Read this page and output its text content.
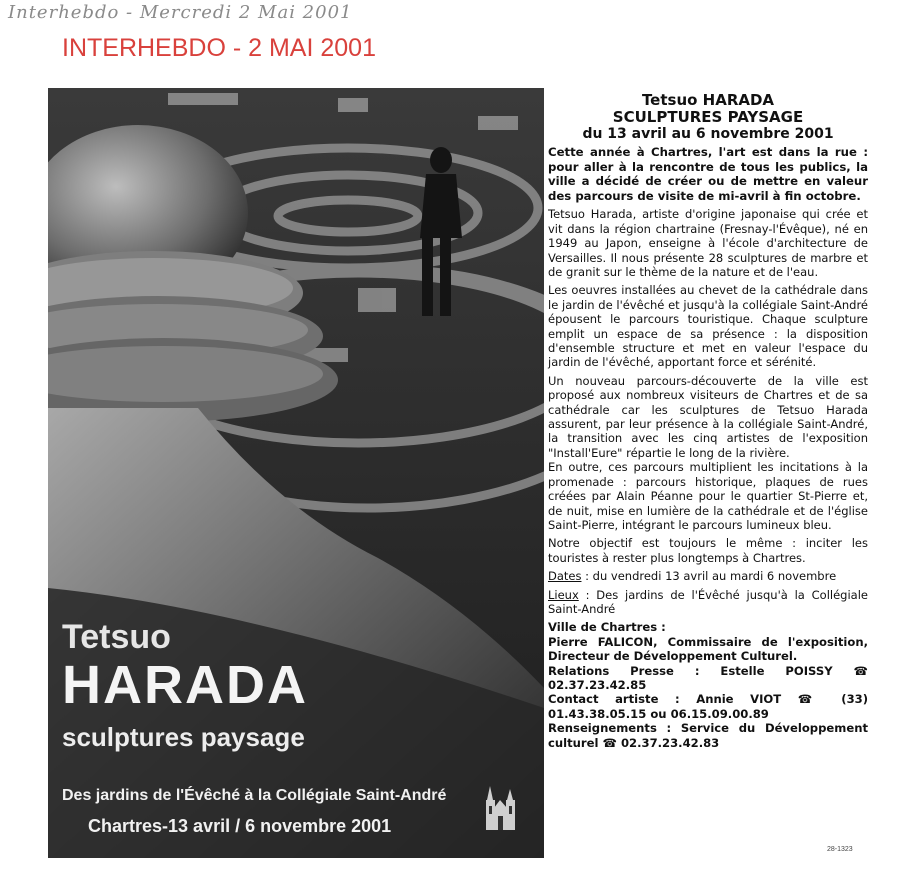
Interhebdo - Mercredi 2 Mai 2001
INTERHEBDO - 2 MAI 2001
Tetsuo
HARADA
sculptures paysage
Des jardins de l'Évêché à la Collégiale Saint-André
Chartres-13 avril / 6 novembre 2001
Tetsuo HARADA
SCULPTURES PAYSAGE
du 13 avril au 6 novembre 2001
Cette année à Chartres, l'art est dans la rue : pour aller à la rencontre de tous les publics, la ville a décidé de créer ou de mettre en valeur des parcours de visite de mi-avril à fin octobre.

Tetsuo Harada, artiste d'origine japonaise qui crée et vit dans la région chartraine (Fresnay-l'Évêque), né en 1949 au Japon, enseigne à l'école d'architecture de Versailles. Il nous présente 28 sculptures de marbre et de granit sur le thème de la nature et de l'eau.

Les oeuvres installées au chevet de la cathédrale dans le jardin de l'évêché et jusqu'à la collégiale Saint-André épousent le parcours touristique. Chaque sculpture emplit un espace de sa présence : la disposition d'ensemble structure et met en valeur l'espace du jardin de l'évêché, apportant force et sérénité.

Un nouveau parcours-découverte de la ville est proposé aux nombreux visiteurs de Chartres et de sa cathédrale car les sculptures de Tetsuo Harada assurent, par leur présence à la collégiale Saint-André, la transition avec les cinq artistes de l'exposition "Install'Eure" répartie le long de la rivière.

En outre, ces parcours multiplient les incitations à la promenade : parcours historique, plaques de rues créées par Alain Péanne pour le quartier St-Pierre et, de nuit, mise en lumière de la cathédrale et de l'église Saint-Pierre, intégrant le parcours lumineux bleu.

Notre objectif est toujours le même : inciter les touristes à rester plus longtemps à Chartres.

Dates : du vendredi 13 avril au mardi 6 novembre
Lieux : Des jardins de l'Évêché jusqu'à la Collégiale Saint-André
Ville de Chartres :
Pierre FALICON, Commissaire de l'exposition, Directeur de Développement Culturel.
Relations Presse : Estelle POISSY ☎ 02.37.23.42.85
Contact artiste : Annie VIOT ☎ (33) 01.43.38.05.15 ou 06.15.09.00.89
Renseignements : Service du Développement culturel ☎ 02.37.23.42.83
28-1323
